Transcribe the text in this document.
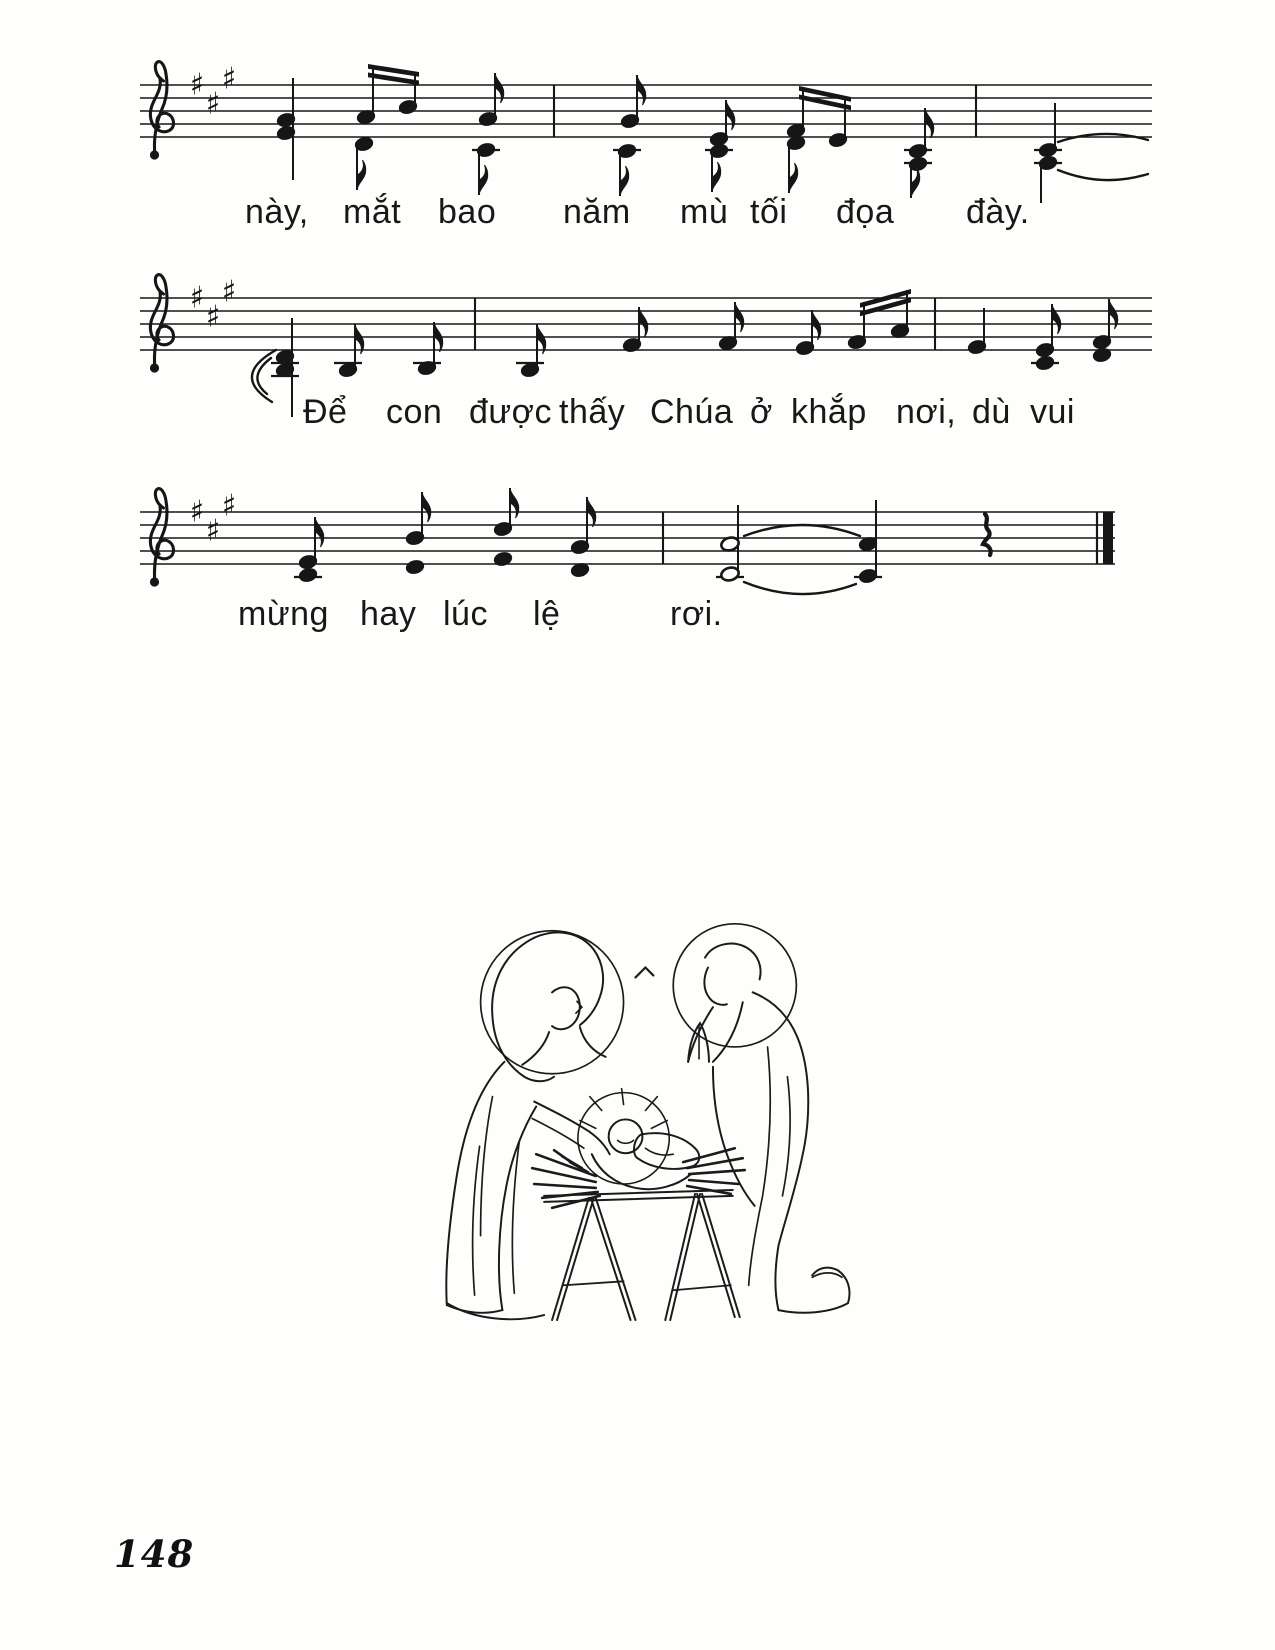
♯
♯
♯
♯
♯
♯
♯
♯
♯
này, mắt bao năm mù tối đọa đày.
Để con được thấy Chúa ở khắp nơi, dù vui
mừng hay lúc lệ	rơi.
148
